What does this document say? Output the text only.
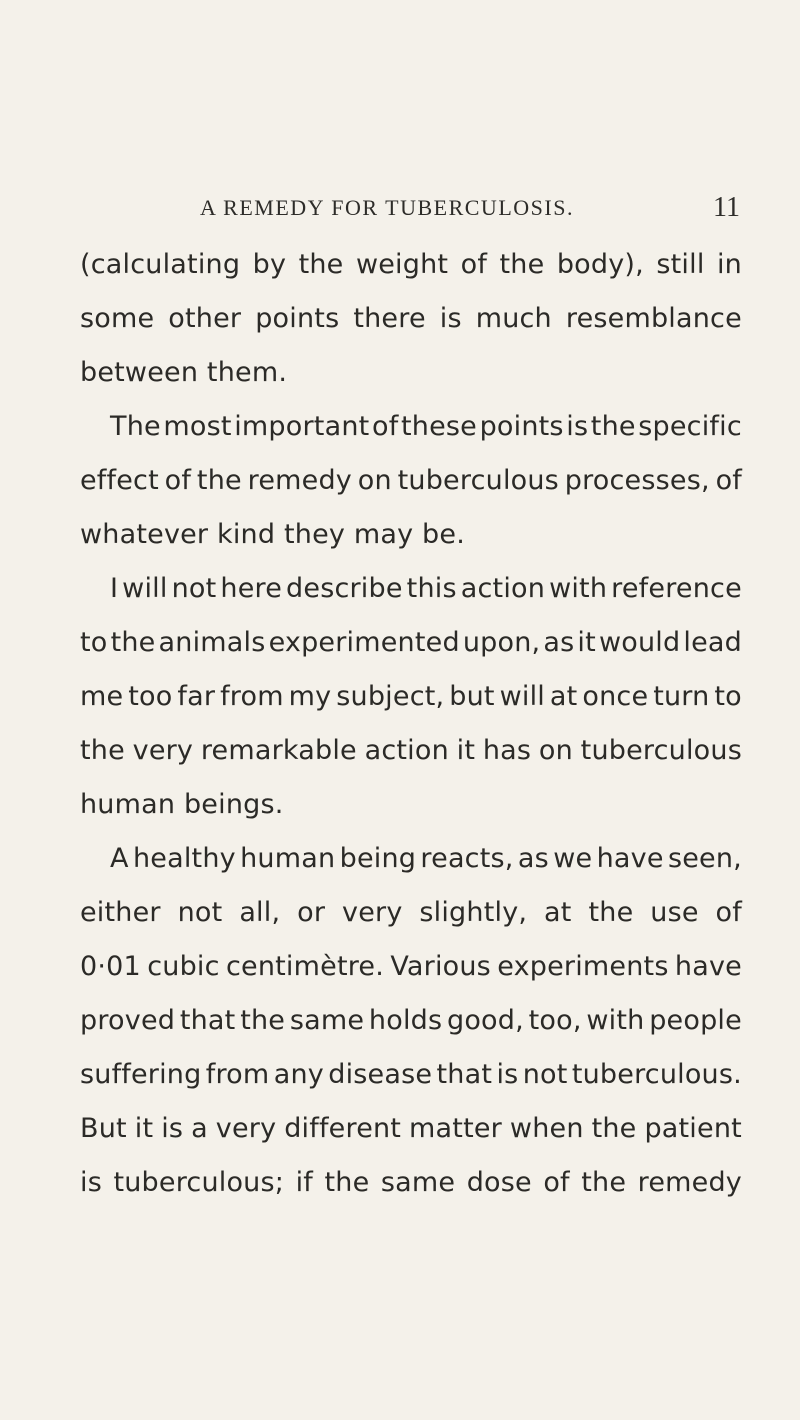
A REMEDY FOR TUBERCULOSIS.	11
(calculating by the weight of the body), still in
some other points there is much resemblance
between them.
The most important of these points is the specific
effect of the remedy on tuberculous processes, of
whatever kind they may be.
I will not here describe this action with reference
to the animals experimented upon, as it would lead
me too far from my subject, but will at once turn to
the very remarkable action it has on tuberculous
human beings.
A healthy human being reacts, as we have seen,
either not all, or very slightly, at the use of
0·01 cubic centimètre. Various experiments have
proved that the same holds good, too, with people
suffering from any disease that is not tuberculous.
But it is a very different matter when the patient
is tuberculous; if the same dose of the remedy
